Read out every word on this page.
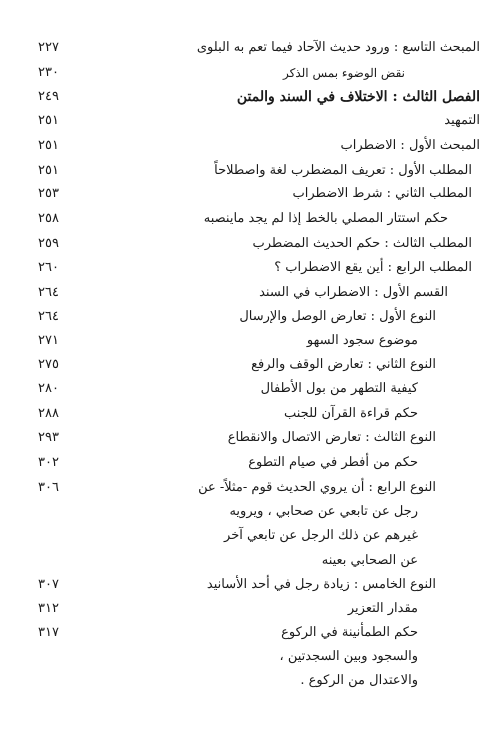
المبحث التاسع : ورود حديث الآحاد فيما تعم به البلوى
٢٢٧
نقض الوضوء بمس الذكر
٢٣٠
الفصل الثالث : الاختلاف في السند والمتن
٢٤٩
التمهيد
٢٥١
المبحث الأول : الاضطراب
٢٥١
المطلب الأول : تعريف المضطرب لغة واصطلاحاً
٢٥١
المطلب الثاني : شرط الاضطراب
٢٥٣
حكم استتار المصلي بالخط إذا لم يجد ماينصبه
٢٥٨
المطلب الثالث : حكم الحديث المضطرب
٢٥٩
المطلب الرابع : أين يقع الاضطراب ؟
٢٦٠
القسم الأول : الاضطراب في السند
٢٦٤
النوع الأول : تعارض الوصل والإرسال
٢٦٤
موضوع سجود السهو
٢٧١
النوع الثاني : تعارض الوقف والرفع
٢٧٥
كيفية التطهر من بول الأطفال
٢٨٠
حكم قراءة القرآن للجنب
٢٨٨
النوع الثالث : تعارض الاتصال والانقطاع
٢٩٣
حكم من أفطر في صيام التطوع
٣٠٢
النوع الرابع : أن يروي الحديث قوم -مثلاً- عن
٣٠٦
رجل عن تابعي عن صحابي ، ويرويه
غيرهم عن ذلك الرجل عن تابعي آخر
عن الصحابي بعينه
النوع الخامس : زيادة رجل في أحد الأسانيد
٣٠٧
مقدار التعزير
٣١٢
حكم الطمأنينة في الركوع
٣١٧
والسجود وبين السجدتين ،
والاعتدال من الركوع .
